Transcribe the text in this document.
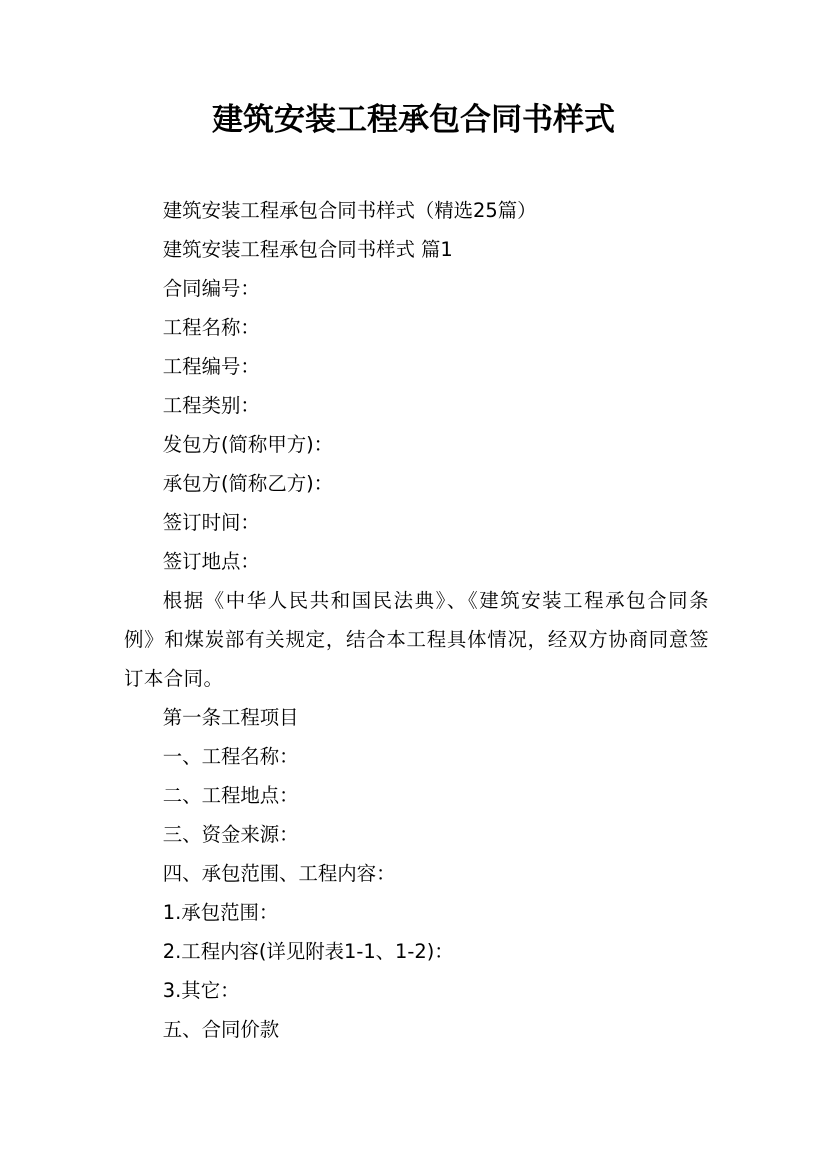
建筑安装工程承包合同书样式

建筑安装工程承包合同书样式（精选25篇）

建筑安装工程承包合同书样式 篇1

合同编号：

工程名称：

工程编号：

工程类别：

发包方(简称甲方)：

承包方(简称乙方)：

签订时间：

签订地点：

根据《中华人民共和国民法典》、《建筑安装工程承包合同条例》和煤炭部有关规定，结合本工程具体情况，经双方协商同意签订本合同。

第一条工程项目

一、工程名称：

二、工程地点：

三、资金来源：

四、承包范围、工程内容：

1.承包范围：

2.工程内容(详见附表1-1、1-2)：

3.其它：

五、合同价款
